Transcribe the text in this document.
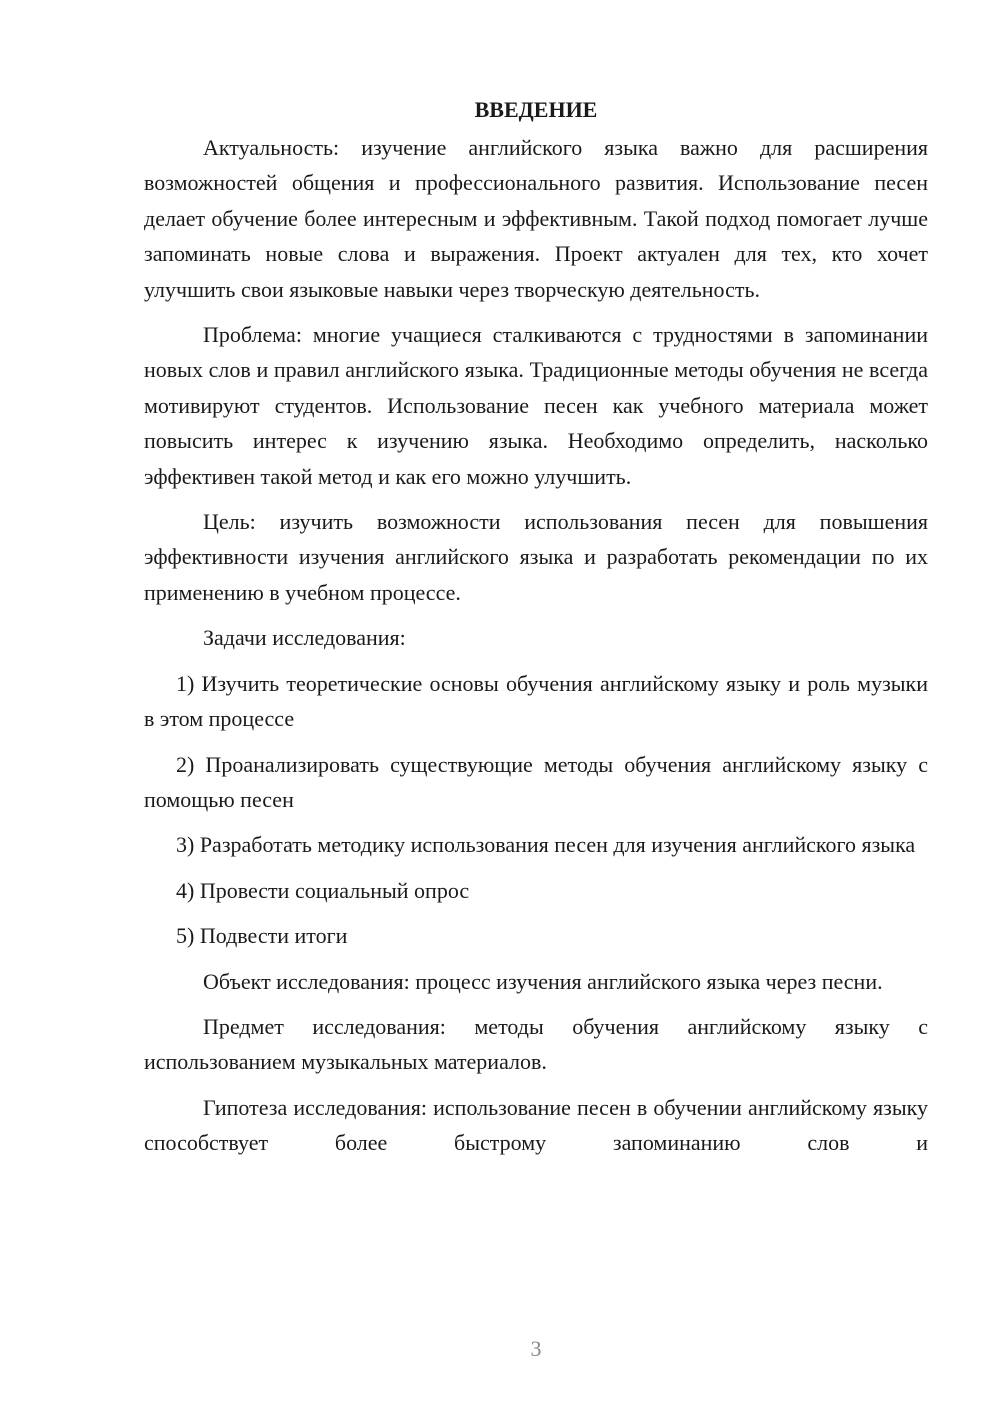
ВВЕДЕНИЕ

Актуальность: изучение английского языка важно для расширения возможностей общения и профессионального развития. Использование песен делает обучение более интересным и эффективным. Такой подход помогает лучше запоминать новые слова и выражения. Проект актуален для тех, кто хочет улучшить свои языковые навыки через творческую деятельность.

Проблема: многие учащиеся сталкиваются с трудностями в запоминании новых слов и правил английского языка. Традиционные методы обучения не всегда мотивируют студентов. Использование песен как учебного материала может повысить интерес к изучению языка. Необходимо определить, насколько эффективен такой метод и как его можно улучшить.

Цель: изучить возможности использования песен для повышения эффективности изучения английского языка и разработать рекомендации по их применению в учебном процессе.

Задачи исследования:

1) Изучить теоретические основы обучения английскому языку и роль музыки в этом процессе

2) Проанализировать существующие методы обучения английскому языку с помощью песен

3) Разработать методику использования песен для изучения английского языка

4) Провести социальный опрос

5) Подвести итоги

Объект исследования: процесс изучения английского языка через песни.

Предмет исследования: методы обучения английскому языку с использованием музыкальных материалов.

Гипотеза исследования: использование песен в обучении английскому языку способствует более быстрому запоминанию слов и

3
